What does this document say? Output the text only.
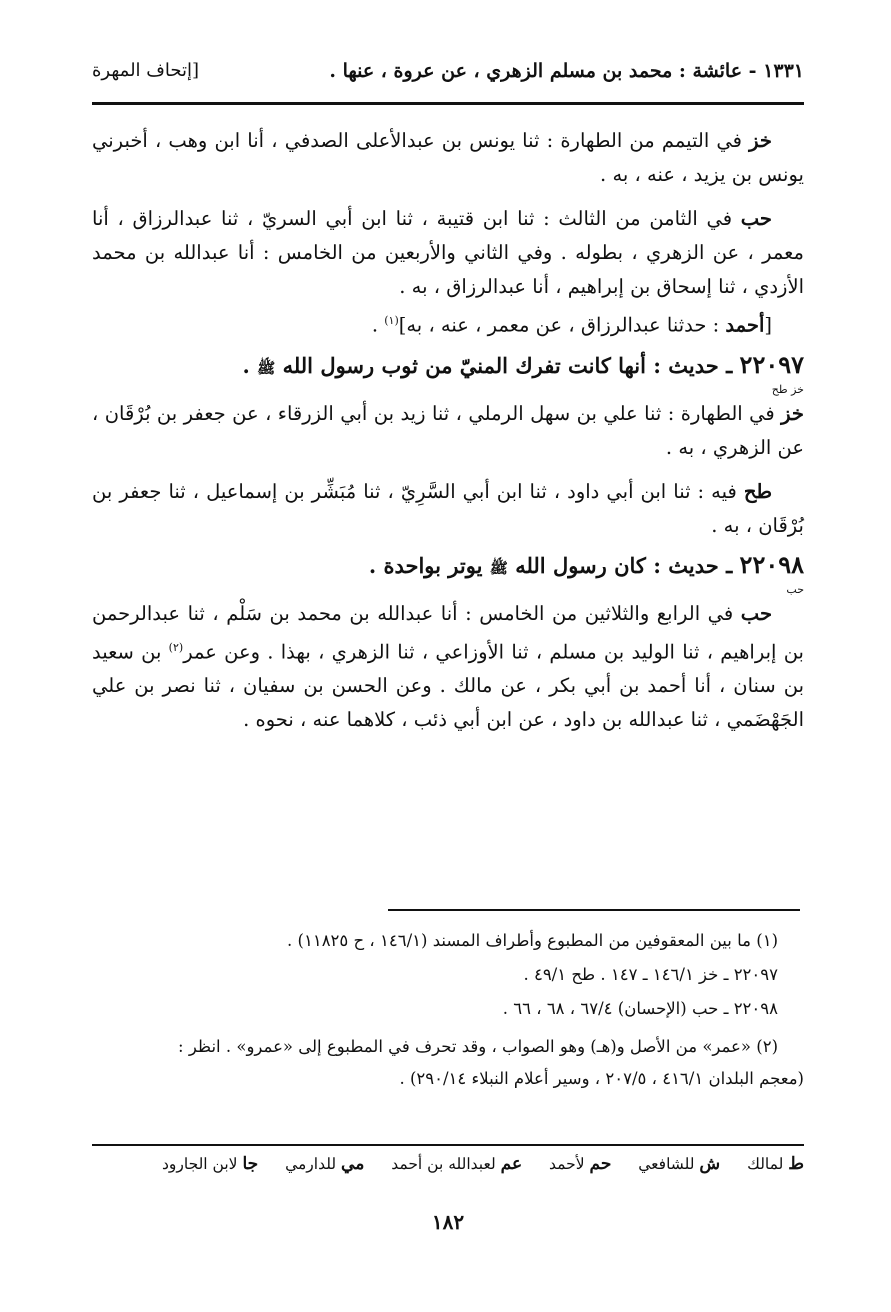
١٣٣١ - عائشة : محمد بن مسلم الزهري ، عن عروة ، عنها .
[إتحاف المهرة

خز في التيمم من الطهارة : ثنا يونس بن عبدالأعلى الصدفي ، أنا ابن وهب ، أخبرني يونس بن يزيد ، عنه ، به .

حب في الثامن من الثالث : ثنا ابن قتيبة ، ثنا ابن أبي السريّ ، ثنا عبدالرزاق ، أنا معمر ، عن الزهري ، بطوله . وفي الثاني والأربعين من الخامس : أنا عبدالله بن محمد الأزدي ، ثنا إسحاق بن إبراهيم ، أنا عبدالرزاق ، به .

[أحمد : حدثنا عبدالرزاق ، عن معمر ، عنه ، به]$^{(١)}$ .

٢٢٠٩٧ ـ حديث : أنها كانت تفرك المنيّ من ثوب رسول الله ﷺ .

خز طح

خز في الطهارة : ثنا علي بن سهل الرملي ، ثنا زيد بن أبي الزرقاء ، عن جعفر بن بُرْقَان ، عن الزهري ، به .

طح فيه : ثنا ابن أبي داود ، ثنا ابن أبي السَّرِيّ ، ثنا مُبَشِّر بن إسماعيل ، ثنا جعفر بن بُرْقَان ، به .

٢٢٠٩٨ ـ حديث : كان رسول الله ﷺ يوتر بواحدة .

حب

حب في الرابع والثلاثين من الخامس : أنا عبدالله بن محمد بن سَلْم ، ثنا عبدالرحمن بن إبراهيم ، ثنا الوليد بن مسلم ، ثنا الأوزاعي ، ثنا الزهري ، بهذا . وعن عمر$^{(٢)}$ بن سعيد بن سنان ، أنا أحمد بن أبي بكر ، عن مالك . وعن الحسن بن سفيان ، ثنا نصر بن علي الجَهْضَمي ، ثنا عبدالله بن داود ، عن ابن أبي ذئب ، كلاهما عنه ، نحوه .

(١) ما بين المعقوفين من المطبوع وأطراف المسند (١٤٦/١ ، ح ١١٨٢٥) .

٢٢٠٩٧ ـ خز ١٤٦/١ ـ ١٤٧ . طح ٤٩/١ .

٢٢٠٩٨ ـ حب (الإحسان) ٦٧/٤ ، ٦٨ ، ٦٦ .

(٢) «عمر» من الأصل و(هـ) وهو الصواب ، وقد تحرف في المطبوع إلى «عمرو» . انظر :

(معجم البلدان ٤١٦/١ ، ٢٠٧/٥ ، وسير أعلام النبلاء ٢٩٠/١٤) .

ط لمالك ش للشافعي حم لأحمد عم لعبدالله بن أحمد مي للدارمي جا لابن الجارود
١٨٢
